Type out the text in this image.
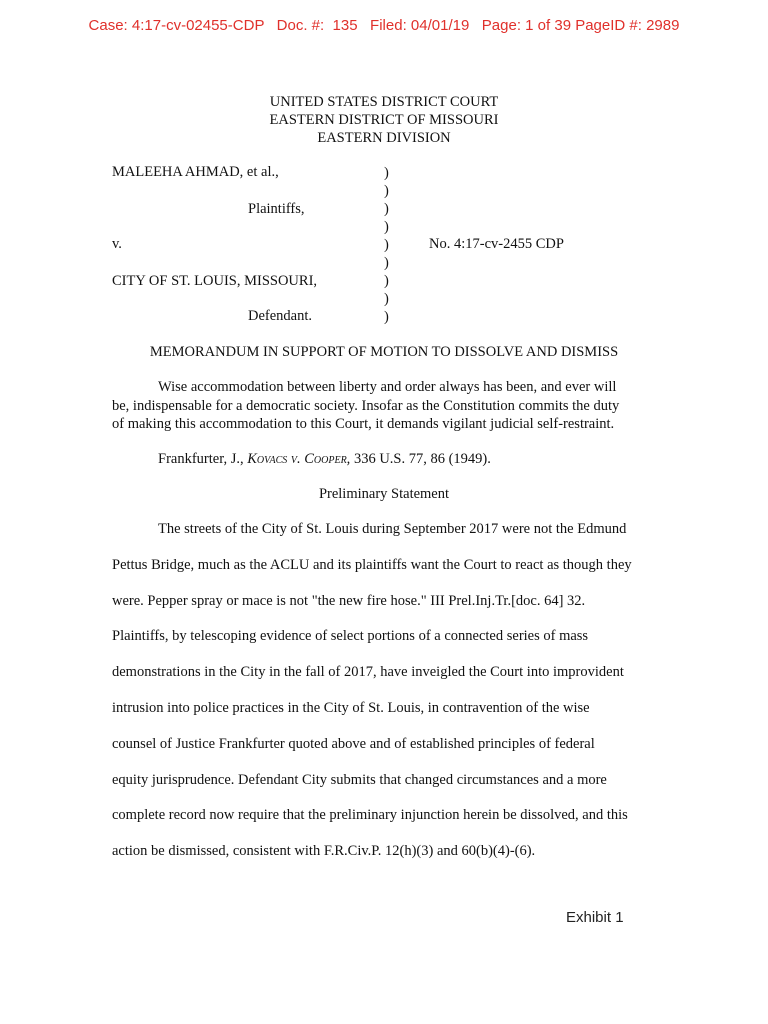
Case: 4:17-cv-02455-CDP   Doc. #:  135   Filed: 04/01/19   Page: 1 of 39 PageID #: 2989
UNITED STATES DISTRICT COURT
EASTERN DISTRICT OF MISSOURI
EASTERN DIVISION
MALEEHA AHMAD, et al.,
Plaintiffs,
v.
CITY OF ST. LOUIS, MISSOURI,
Defendant.
)
)
)
)
)
)
)
)
)
No. 4:17-cv-2455 CDP
MEMORANDUM IN SUPPORT OF MOTION TO DISSOLVE AND DISMISS
Wise accommodation between liberty and order always has been, and ever will
be, indispensable for a democratic society. Insofar as the Constitution commits the duty
of making this accommodation to this Court, it demands vigilant judicial self-restraint.
Frankfurter, J., Kovacs v. Cooper, 336 U.S. 77, 86 (1949).
Preliminary Statement
The streets of the City of St. Louis during September 2017 were not the Edmund
Pettus Bridge, much as the ACLU and its plaintiffs want the Court to react as though they
were. Pepper spray or mace is not "the new fire hose." III Prel.Inj.Tr.[doc. 64] 32.
Plaintiffs, by telescoping evidence of select portions of a connected series of mass
demonstrations in the City in the fall of 2017, have inveigled the Court into improvident
intrusion into police practices in the City of St. Louis, in contravention of the wise
counsel of Justice Frankfurter quoted above and of established principles of federal
equity jurisprudence. Defendant City submits that changed circumstances and a more
complete record now require that the preliminary injunction herein be dissolved, and this
action be dismissed, consistent with F.R.Civ.P. 12(h)(3) and 60(b)(4)-(6).
Exhibit 1
